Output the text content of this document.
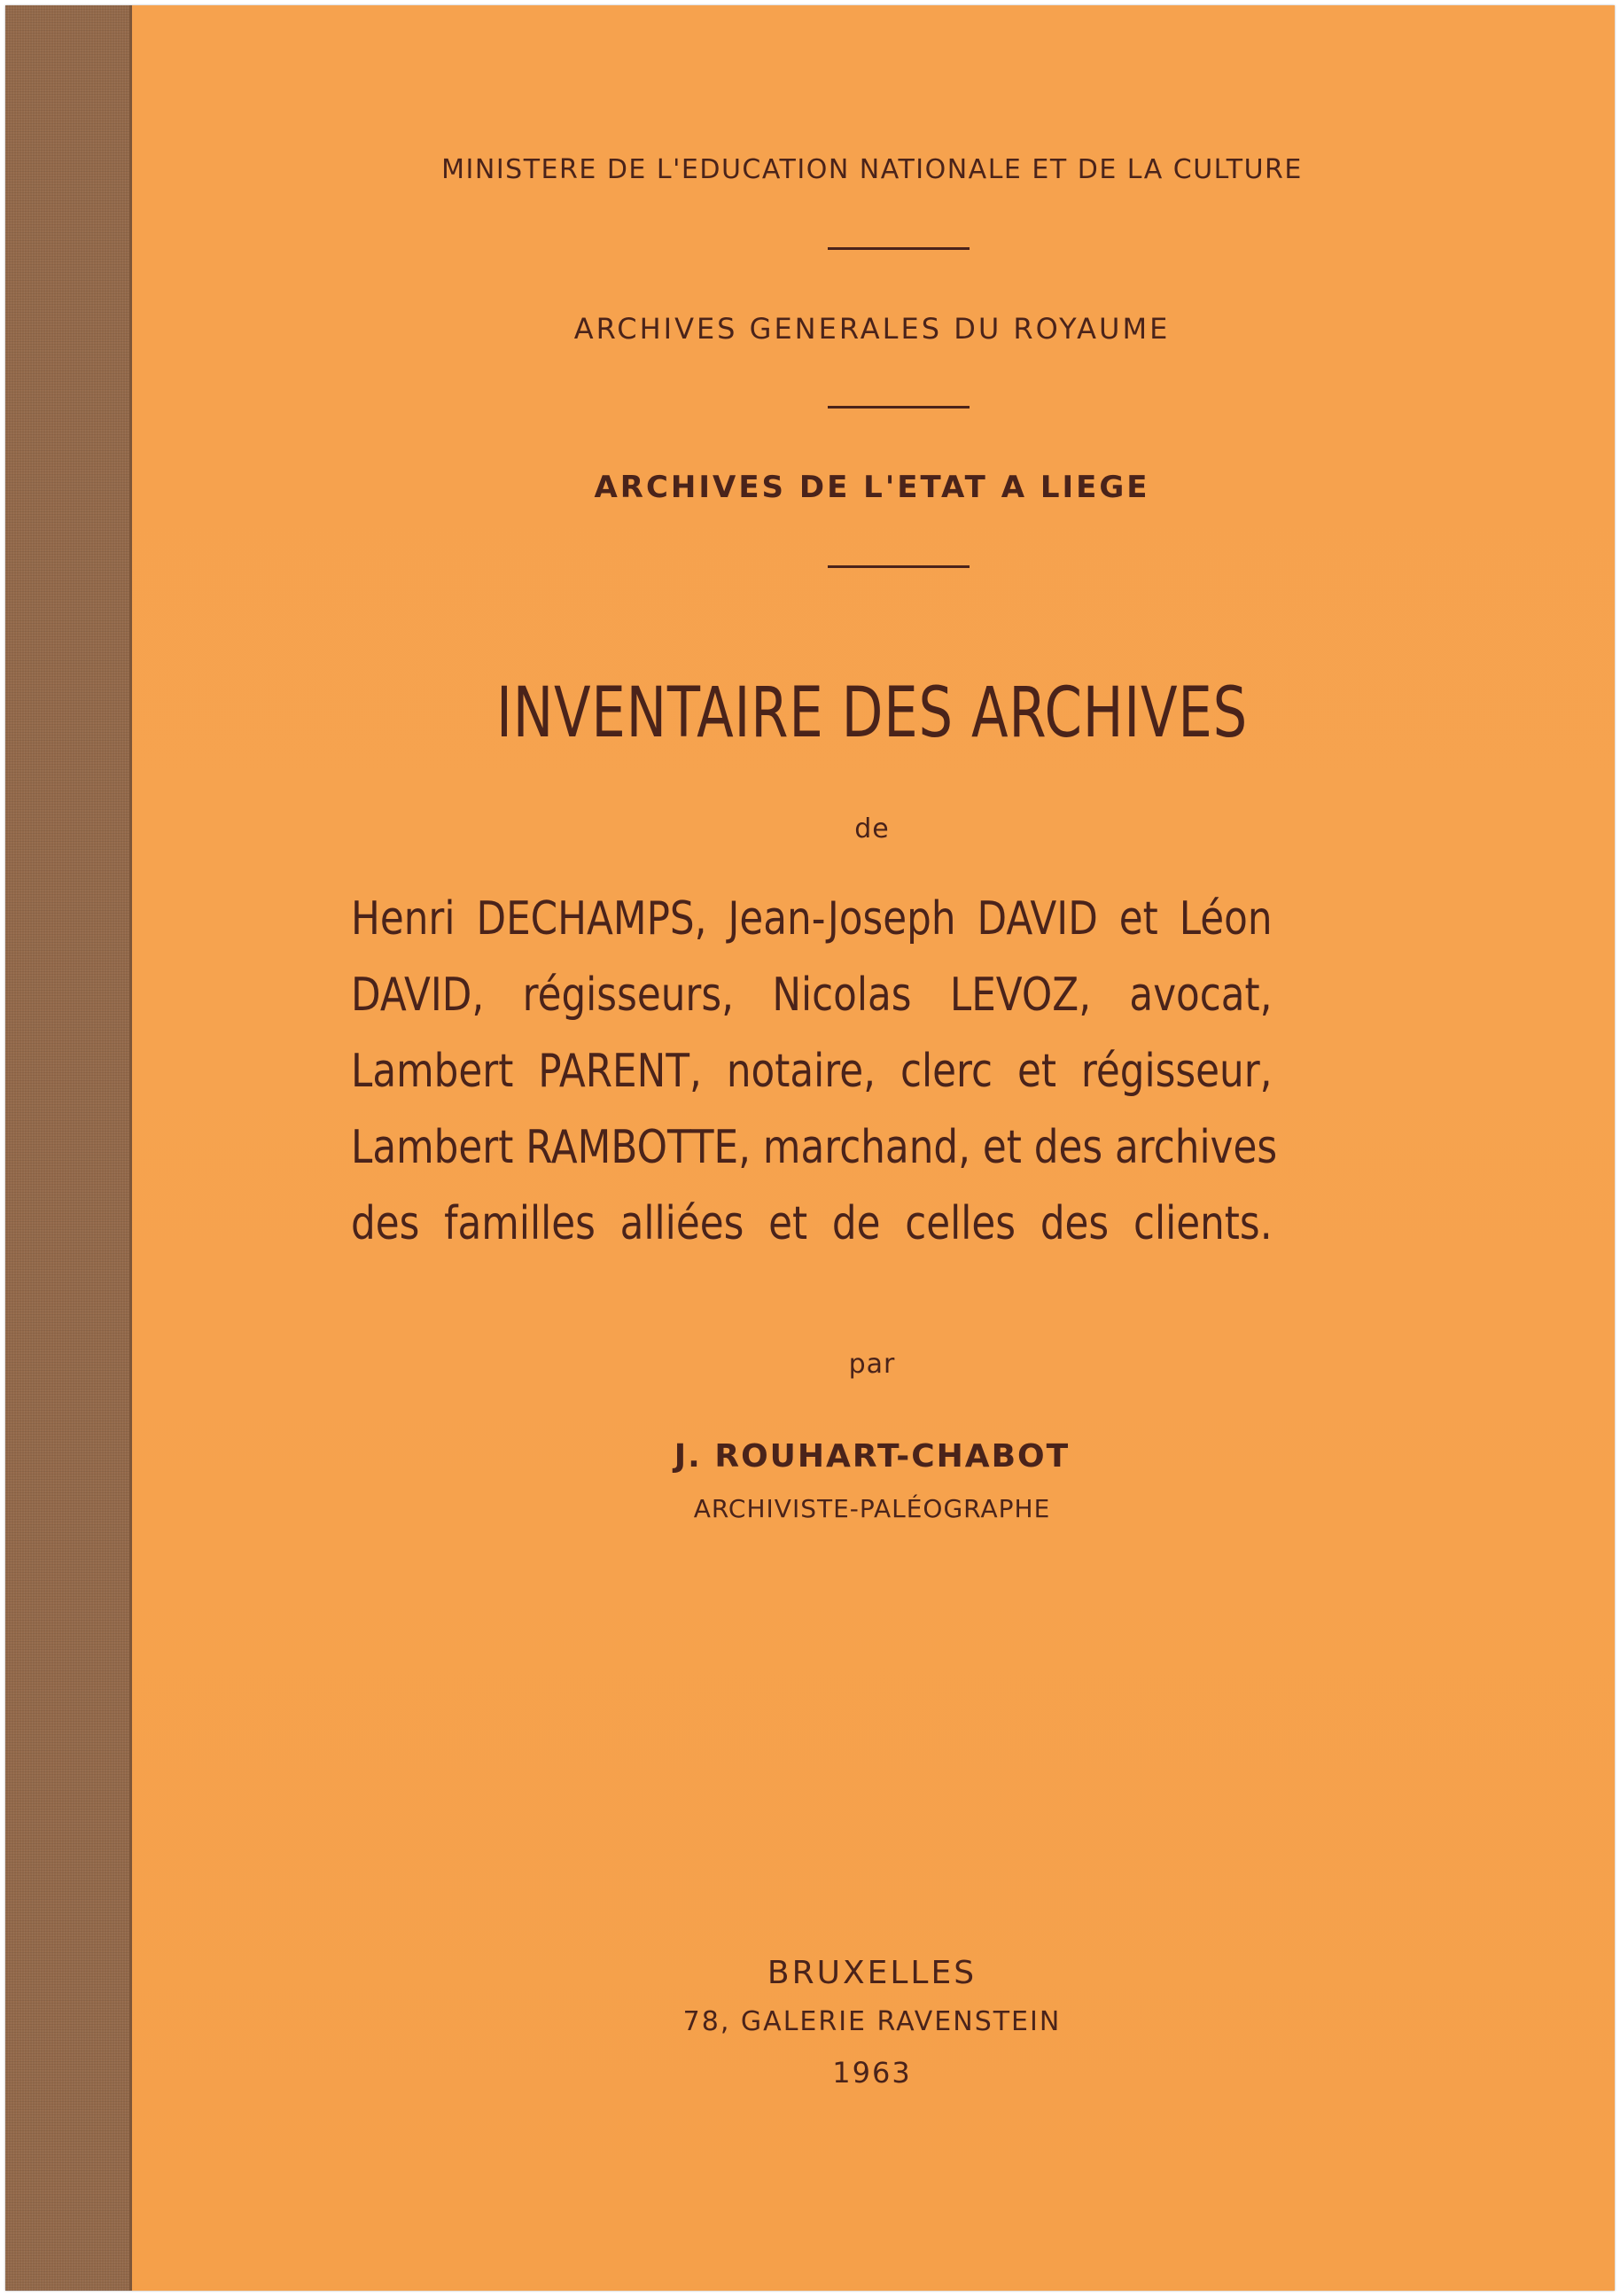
MINISTERE DE L'EDUCATION NATIONALE ET DE LA CULTURE
ARCHIVES GENERALES DU ROYAUME
ARCHIVES DE L'ETAT A LIEGE
INVENTAIRE DES ARCHIVES
de
Henri DECHAMPS, Jean-Joseph DAVID et Léon
DAVID, régisseurs, Nicolas LEVOZ, avocat,
Lambert PARENT, notaire, clerc et régisseur,
Lambert RAMBOTTE, marchand, et des archives
des familles alliées et de celles des clients.
par
J. ROUHART-CHABOT
ARCHIVISTE-PALÉOGRAPHE
BRUXELLES
78, GALERIE RAVENSTEIN
1963
